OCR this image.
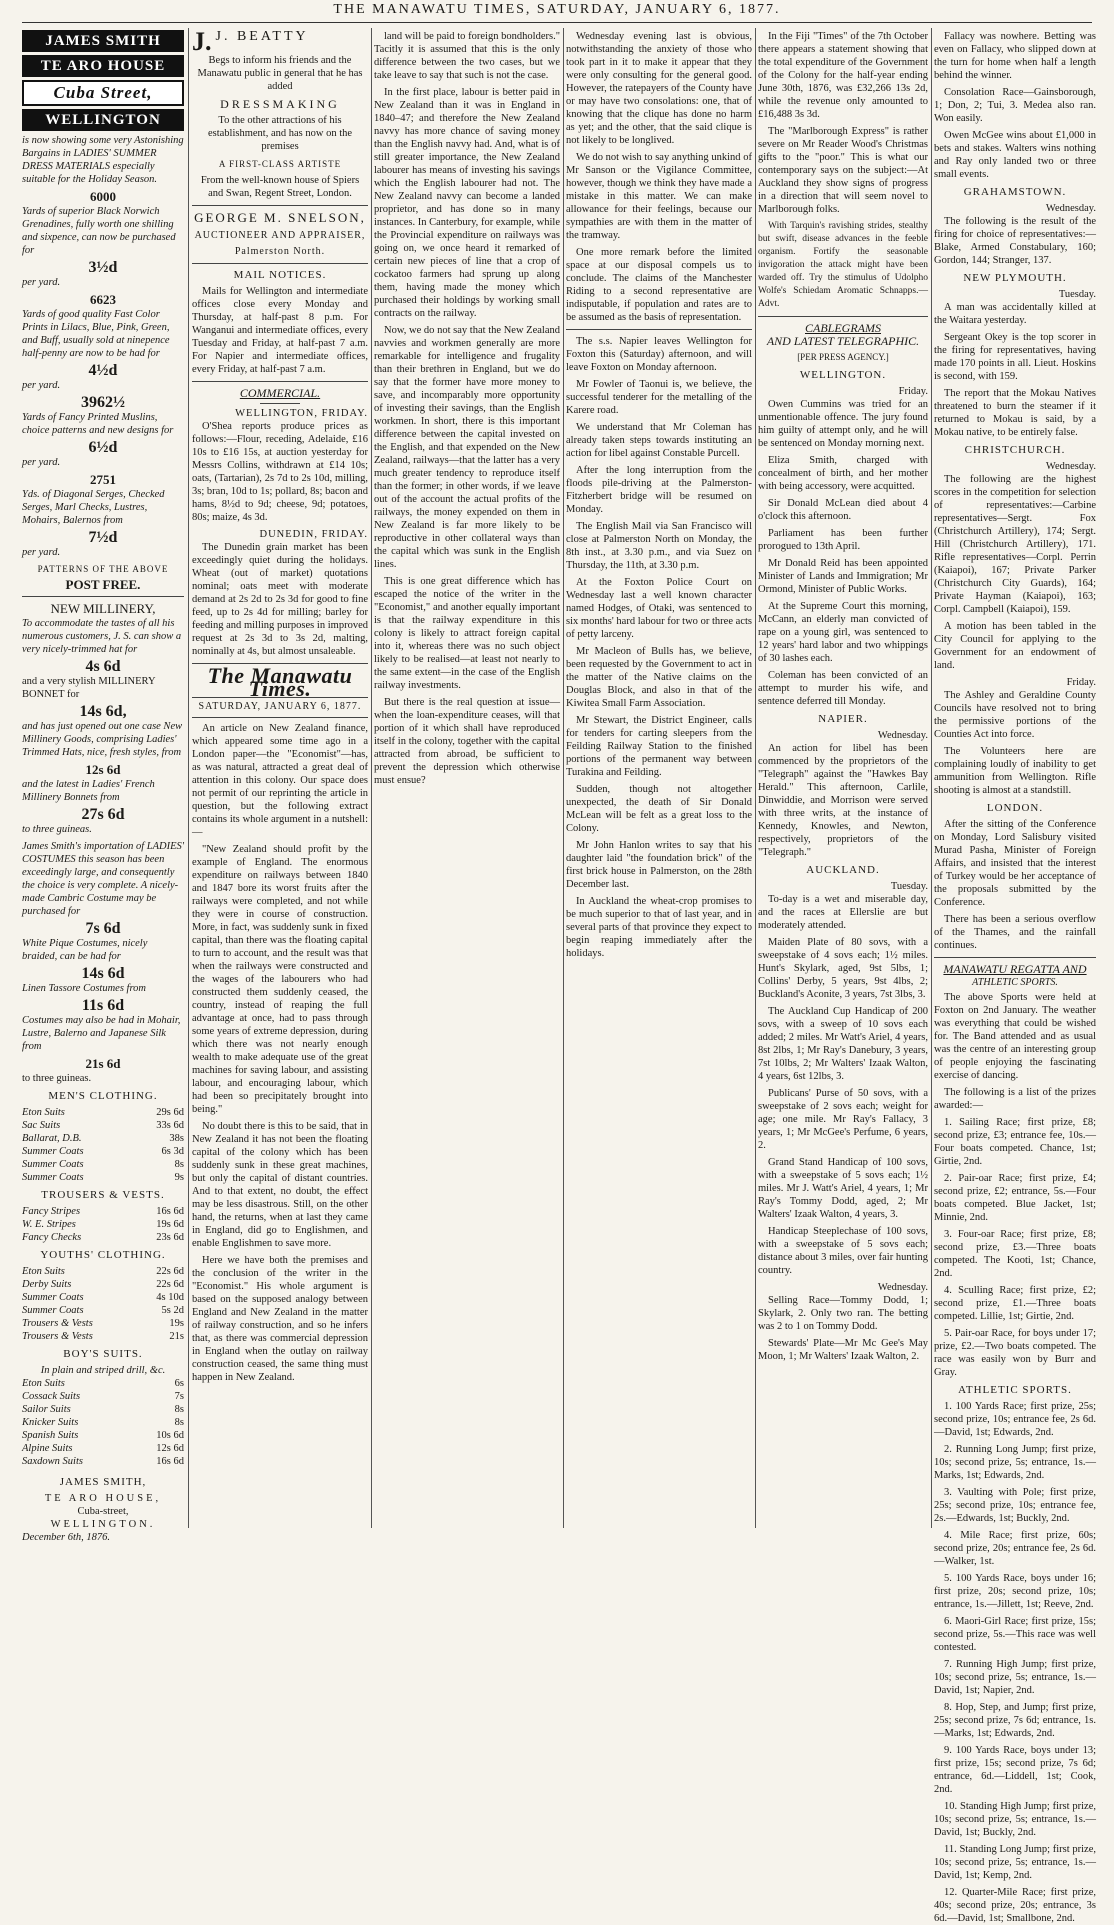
THE MANAWATU TIMES, SATURDAY, JANUARY 6, 1877.
JAMES SMITH
TE ARO HOUSE
Cuba Street,
WELLINGTON

is now showing some very Astonishing Bargains in LADIES' SUMMER DRESS MATERIALS especially suitable for the Holiday Season.

6000

Yards of superior Black Norwich Grenadines, fully worth one shilling and sixpence, can now be purchased for

3½d

per yard.

6623

Yards of good quality Fast Color Prints in Lilacs, Blue, Pink, Green, and Buff, usually sold at ninepence half-penny are now to be had for

4½d

per yard.

3962½

Yards of Fancy Printed Muslins, choice patterns and new designs for

6½d

per yard.

2751

Yds. of Diagonal Serges, Checked Serges, Marl Checks, Lustres, Mohairs, Balernos from

7½d

per yard.

PATTERNS OF THE ABOVE
POST FREE.
NEW MILLINERY,

To accommodate the tastes of all his numerous customers, J. S. can show a very nicely-trimmed hat for

4s 6d

and a very stylish MILLINERY BONNET for

14s 6d,

and has just opened out one case New Millinery Goods, comprising Ladies' Trimmed Hats, nice, fresh styles, from

12s 6d

and the latest in Ladies' French Millinery Bonnets from

27s 6d

to three guineas.

James Smith's importation of LADIES' COSTUMES this season has been exceedingly large, and consequently the choice is very complete. A nicely-made Cambric Costume may be purchased for

7s 6d

White Pique Costumes, nicely braided, can be had for

14s 6d

Linen Tassore Costumes from

11s 6d

Costumes may also be had in Mohair, Lustre, Balerno and Japanese Silk from

21s 6d

to three guineas.

MEN'S CLOTHING.
Eton Suits	29s 6d
Sac Suits	33s 6d
Ballarat, D.B.	38s
Summer Coats	6s 3d
Summer Coats	8s
Summer Coats	9s
TROUSERS & VESTS.
Fancy Stripes	16s 6d
W. E. Stripes	19s 6d
Fancy Checks	23s 6d
YOUTHS' CLOTHING.
Eton Suits	22s 6d
Derby Suits	22s 6d
Summer Coats	4s 10d
Summer Coats	5s 2d
Trousers & Vests	19s
Trousers & Vests	21s
BOY'S SUITS.
In plain and striped drill, &c.
Eton Suits	6s
Cossack Suits	7s
Sailor Suits	8s
Knicker Suits	8s
Spanish Suits	10s 6d
Alpine Suits	12s 6d
Saxdown Suits	16s 6d
JAMES SMITH,
TE ARO HOUSE,
Cuba-street,
WELLINGTON.
December 6th, 1876.
J. J. BEATTY

Begs to inform his friends and the Manawatu public in general that he has added

DRESSMAKING

To the other attractions of his establishment, and has now on the premises

A FIRST-CLASS ARTISTE

From the well-known house of Spiers and Swan, Regent Street, London.

GEORGE M. SNELSON,
AUCTIONEER AND APPRAISER,
Palmerston North.
MAIL NOTICES.

Mails for Wellington and intermediate offices close every Monday and Thursday, at half-past 8 p.m. For Wanganui and intermediate offices, every Tuesday and Friday, at half-past 7 a.m. For Napier and intermediate offices, every Friday, at half-past 7 a.m.

COMMERCIAL.
WELLINGTON, FRIDAY.

O'Shea reports produce prices as follows:—Flour, receding, Adelaide, £16 10s to £16 15s, at auction yesterday for Messrs Collins, withdrawn at £14 10s; oats, (Tartarian), 2s 7d to 2s 10d, milling, 3s; bran, 10d to 1s; pollard, 8s; bacon and hams, 8½d to 9d; cheese, 9d; potatoes, 80s; maize, 4s 3d.

DUNEDIN, FRIDAY.

The Dunedin grain market has been exceedingly quiet during the holidays. Wheat (out of market) quotations nominal; oats meet with moderate demand at 2s 2d to 2s 3d for good to fine feed, up to 2s 4d for milling; barley for feeding and milling purposes in improved request at 2s 3d to 3s 2d, malting, nominally at 4s, but almost unsaleable.

The Manawatu Times.
SATURDAY, JANUARY 6, 1877.

An article on New Zealand finance, which appeared some time ago in a London paper—the "Economist"—has, as was natural, attracted a great deal of attention in this colony. Our space does not permit of our reprinting the article in question, but the following extract contains its whole argument in a nutshell:—

"New Zealand should profit by the example of England. The enormous expenditure on railways between 1840 and 1847 bore its worst fruits after the railways were completed, and not while they were in course of construction. More, in fact, was suddenly sunk in fixed capital, than there was the floating capital to turn to account, and the result was that when the railways were constructed and the wages of the labourers who had constructed them suddenly ceased, the country, instead of reaping the full advantage at once, had to pass through some years of extreme depression, during which there was not nearly enough wealth to make adequate use of the great machines for saving labour, and assisting labour, and encouraging labour, which had been so precipitately brought into being."

No doubt there is this to be said, that in New Zealand it has not been the floating capital of the colony which has been suddenly sunk in these great machines, but only the capital of distant countries. And to that extent, no doubt, the effect may be less disastrous. Still, on the other hand, the returns, when at last they came in England, did go to Englishmen, and enable Englishmen to save more.

Here we have both the premises and the conclusion of the writer in the "Economist." His whole argument is based on the supposed analogy between England and New Zealand in the matter of railway construction, and so he infers that, as there was commercial depression in England when the outlay on railway construction ceased, the same thing must happen in New Zealand.

land will be paid to foreign bondholders." Tacitly it is assumed that this is the only difference between the two cases, but we take leave to say that such is not the case.

In the first place, labour is better paid in New Zealand than it was in England in 1840–47; and therefore the New Zealand navvy has more chance of saving money than the English navvy had. And, what is of still greater importance, the New Zealand labourer has means of investing his savings which the English labourer had not. The New Zealand navvy can become a landed proprietor, and has done so in many instances. In Canterbury, for example, while the Provincial expenditure on railways was going on, we once heard it remarked of certain new pieces of line that a crop of cockatoo farmers had sprung up along them, having made the money which purchased their holdings by working small contracts on the railway.

Now, we do not say that the New Zealand navvies and workmen generally are more remarkable for intelligence and frugality than their brethren in England, but we do say that the former have more money to save, and incomparably more opportunity of investing their savings, than the English workmen. In short, there is this important difference between the capital invested on the English, and that expended on the New Zealand, railways—that the latter has a very much greater tendency to reproduce itself than the former; in other words, if we leave out of the account the actual profits of the railways, the money expended on them in New Zealand is far more likely to be reproductive in other collateral ways than the capital which was sunk in the English lines.

This is one great difference which has escaped the notice of the writer in the "Economist," and another equally important is that the railway expenditure in this colony is likely to attract foreign capital into it, whereas there was no such object likely to be realised—at least not nearly to the same extent—in the case of the English railway investments.

But there is the real question at issue—when the loan-expenditure ceases, will that portion of it which shall have reproduced itself in the colony, together with the capital attracted from abroad, be sufficient to prevent the depression which otherwise must ensue?

Wednesday evening last is obvious, notwithstanding the anxiety of those who took part in it to make it appear that they were only consulting for the general good. However, the ratepayers of the County have or may have two consolations: one, that of knowing that the clique has done no harm as yet; and the other, that the said clique is not likely to be longlived.

We do not wish to say anything unkind of Mr Sanson or the Vigilance Committee, however, though we think they have made a mistake in this matter. We can make allowance for their feelings, because our sympathies are with them in the matter of the tramway.

One more remark before the limited space at our disposal compels us to conclude. The claims of the Manchester Riding to a second representative are indisputable, if population and rates are to be assumed as the basis of representation.

The s.s. Napier leaves Wellington for Foxton this (Saturday) afternoon, and will leave Foxton on Monday afternoon.

Mr Fowler of Taonui is, we believe, the successful tenderer for the metalling of the Karere road.

We understand that Mr Coleman has already taken steps towards instituting an action for libel against Constable Purcell.

After the long interruption from the floods pile-driving at the Palmerston-Fitzherbert bridge will be resumed on Monday.

The English Mail via San Francisco will close at Palmerston North on Monday, the 8th inst., at 3.30 p.m., and via Suez on Thursday, the 11th, at 3.30 p.m.

At the Foxton Police Court on Wednesday last a well known character named Hodges, of Otaki, was sentenced to six months' hard labour for two or three acts of petty larceny.

Mr Macleon of Bulls has, we believe, been requested by the Government to act in the matter of the Native claims on the Douglas Block, and also in that of the Kiwitea Small Farm Association.

Mr Stewart, the District Engineer, calls for tenders for carting sleepers from the Feilding Railway Station to the finished portions of the permanent way between Turakina and Feilding.

Sudden, though not altogether unexpected, the death of Sir Donald McLean will be felt as a great loss to the Colony.

Mr John Hanlon writes to say that his daughter laid "the foundation brick" of the first brick house in Palmerston, on the 28th December last.

In Auckland the wheat-crop promises to be much superior to that of last year, and in several parts of that province they expect to begin reaping immediately after the holidays.

In the Fiji "Times" of the 7th October there appears a statement showing that the total expenditure of the Government of the Colony for the half-year ending June 30th, 1876, was £32,266 13s 2d, while the revenue only amounted to £16,488 3s 3d.

The "Marlborough Express" is rather severe on Mr Reader Wood's Christmas gifts to the "poor." This is what our contemporary says on the subject:—At Auckland they show signs of progress in a direction that will seem novel to Marlborough folks.

With Tarquin's ravishing strides, stealthy but swift, disease advances in the feeble organism. Fortify the seasonable invigoration the attack might have been warded off. Try the stimulus of Udolpho Wolfe's Schiedam Aromatic Schnapps.—Advt.

CABLEGRAMS
AND LATEST TELEGRAPHIC.
[PER PRESS AGENCY.]
WELLINGTON.
Friday.

Owen Cummins was tried for an unmentionable offence. The jury found him guilty of attempt only, and he will be sentenced on Monday morning next.

Eliza Smith, charged with concealment of birth, and her mother with being accessory, were acquitted.

Sir Donald McLean died about 4 o'clock this afternoon.

Parliament has been further prorogued to 13th April.

Mr Donald Reid has been appointed Minister of Lands and Immigration; Mr Ormond, Minister of Public Works.

At the Supreme Court this morning, McCann, an elderly man convicted of rape on a young girl, was sentenced to 12 years' hard labor and two whippings of 30 lashes each.

Coleman has been convicted of an attempt to murder his wife, and sentence deferred till Monday.

NAPIER.
Wednesday.

An action for libel has been commenced by the proprietors of the "Telegraph" against the "Hawkes Bay Herald." This afternoon, Carlile, Dinwiddie, and Morrison were served with three writs, at the instance of Kennedy, Knowles, and Newton, respectively, proprietors of the "Telegraph."

AUCKLAND.
Tuesday.

To-day is a wet and miserable day, and the races at Ellerslie are but moderately attended.

Maiden Plate of 80 sovs, with a sweepstake of 4 sovs each; 1½ miles. Hunt's Skylark, aged, 9st 5lbs, 1; Collins' Derby, 5 years, 9st 4lbs, 2; Buckland's Aconite, 3 years, 7st 3lbs, 3.

The Auckland Cup Handicap of 200 sovs, with a sweep of 10 sovs each added; 2 miles. Mr Watt's Ariel, 4 years, 8st 2lbs, 1; Mr Ray's Danebury, 3 years, 7st 10lbs, 2; Mr Walters' Izaak Walton, 4 years, 6st 12lbs, 3.

Publicans' Purse of 50 sovs, with a sweepstake of 2 sovs each; weight for age; one mile. Mr Ray's Fallacy, 3 years, 1; Mr McGee's Perfume, 6 years, 2.

Grand Stand Handicap of 100 sovs, with a sweepstake of 5 sovs each; 1½ miles. Mr J. Watt's Ariel, 4 years, 1; Mr Ray's Tommy Dodd, aged, 2; Mr Walters' Izaak Walton, 4 years, 3.

Handicap Steeplechase of 100 sovs, with a sweepstake of 5 sovs each; distance about 3 miles, over fair hunting country.

Wednesday.

Selling Race—Tommy Dodd, 1; Skylark, 2. Only two ran. The betting was 2 to 1 on Tommy Dodd.

Stewards' Plate—Mr Mc Gee's May Moon, 1; Mr Walters' Izaak Walton, 2.

Fallacy was nowhere. Betting was even on Fallacy, who slipped down at the turn for home when half a length behind the winner.

Consolation Race—Gainsborough, 1; Don, 2; Tui, 3. Medea also ran. Won easily.

Owen McGee wins about £1,000 in bets and stakes. Walters wins nothing and Ray only landed two or three small events.

GRAHAMSTOWN.
Wednesday.

The following is the result of the firing for choice of representatives:—Blake, Armed Constabulary, 160; Gordon, 144; Stranger, 137.

NEW PLYMOUTH.
Tuesday.

A man was accidentally killed at the Waitara yesterday.

Sergeant Okey is the top scorer in the firing for representatives, having made 170 points in all. Lieut. Hoskins is second, with 159.

The report that the Mokau Natives threatened to burn the steamer if it returned to Mokau is said, by a Mokau native, to be entirely false.

CHRISTCHURCH.
Wednesday.

The following are the highest scores in the competition for selection of representatives:—Carbine representatives—Sergt. Fox (Christchurch Artillery), 174; Sergt. Hill (Christchurch Artillery), 171. Rifle representatives—Corpl. Perrin (Kaiapoi), 167; Private Parker (Christchurch City Guards), 164; Private Hayman (Kaiapoi), 163; Corpl. Campbell (Kaiapoi), 159.

A motion has been tabled in the City Council for applying to the Government for an endowment of land.

Friday.

The Ashley and Geraldine County Councils have resolved not to bring the permissive portions of the Counties Act into force.

The Volunteers here are complaining loudly of inability to get ammunition from Wellington. Rifle shooting is almost at a standstill.

LONDON.

After the sitting of the Conference on Monday, Lord Salisbury visited Murad Pasha, Minister of Foreign Affairs, and insisted that the interest of Turkey would be her acceptance of the proposals submitted by the Conference.

There has been a serious overflow of the Thames, and the rainfall continues.

MANAWATU REGATTA AND
ATHLETIC SPORTS.

The above Sports were held at Foxton on 2nd January. The weather was everything that could be wished for. The Band attended and as usual was the centre of an interesting group of people enjoying the fascinating exercise of dancing.

The following is a list of the prizes awarded:—

1. Sailing Race; first prize, £8; second prize, £3; entrance fee, 10s.—Four boats competed. Chance, 1st; Girtie, 2nd.

2. Pair-oar Race; first prize, £4; second prize, £2; entrance, 5s.—Four boats competed. Blue Jacket, 1st; Minnie, 2nd.

3. Four-oar Race; first prize, £8; second prize, £3.—Three boats competed. The Kooti, 1st; Chance, 2nd.

4. Sculling Race; first prize, £2; second prize, £1.—Three boats competed. Lillie, 1st; Girtie, 2nd.

5. Pair-oar Race, for boys under 17; prize, £2.—Two boats competed. The race was easily won by Burr and Gray.

ATHLETIC SPORTS.

1. 100 Yards Race; first prize, 25s; second prize, 10s; entrance fee, 2s 6d.—David, 1st; Edwards, 2nd.

2. Running Long Jump; first prize, 10s; second prize, 5s; entrance, 1s.—Marks, 1st; Edwards, 2nd.

3. Vaulting with Pole; first prize, 25s; second prize, 10s; entrance fee, 2s.—Edwards, 1st; Buckly, 2nd.

4. Mile Race; first prize, 60s; second prize, 20s; entrance fee, 2s 6d.—Walker, 1st.

5. 100 Yards Race, boys under 16; first prize, 20s; second prize, 10s; entrance, 1s.—Jillett, 1st; Reeve, 2nd.

6. Maori-Girl Race; first prize, 15s; second prize, 5s.—This race was well contested.

7. Running High Jump; first prize, 10s; second prize, 5s; entrance, 1s.—David, 1st; Napier, 2nd.

8. Hop, Step, and Jump; first prize, 25s; second prize, 7s 6d; entrance, 1s.—Marks, 1st; Edwards, 2nd.

9. 100 Yards Race, boys under 13; first prize, 15s; second prize, 7s 6d; entrance, 6d.—Liddell, 1st; Cook, 2nd.

10. Standing High Jump; first prize, 10s; second prize, 5s; entrance, 1s.—David, 1st; Buckly, 2nd.

11. Standing Long Jump; first prize, 10s; second prize, 5s; entrance, 1s.—David, 1st; Kemp, 2nd.

12. Quarter-Mile Race; first prize, 40s; second prize, 20s; entrance, 3s 6d.—David, 1st; Smallbone, 2nd.
